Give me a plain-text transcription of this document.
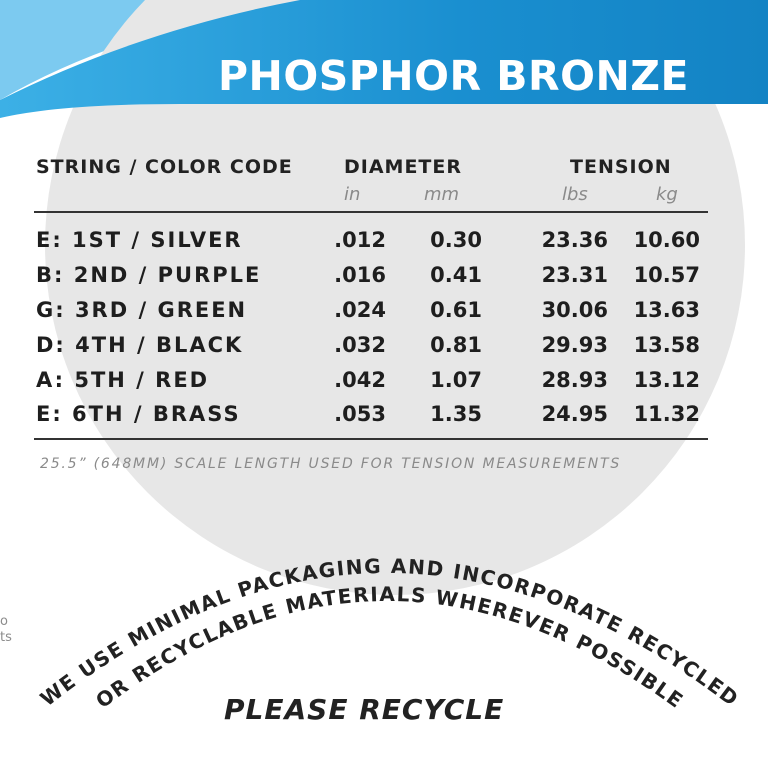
WE USE MINIMAL PACKAGING AND INCORPORATE RECYCLED
OR RECYCLABLE MATERIALS WHEREVER POSSIBLE
PHOSPHOR BRONZE
STRING / COLOR CODE	DIAMETER	TENSION
in	mm	lbs	kg
E: 1ST / SILVER	.012	0.30	23.36	10.60
B: 2ND / PURPLE	.016	0.41	23.31	10.57
G: 3RD / GREEN	.024	0.61	30.06	13.63
D: 4TH / BLACK	.032	0.81	29.93	13.58
A: 5TH / RED	.042	1.07	28.93	13.12
E: 6TH / BRASS	.053	1.35	24.95	11.32
25.5” (648MM) SCALE LENGTH USED FOR TENSION MEASUREMENTS
PLEASE RECYCLE
o
ts
